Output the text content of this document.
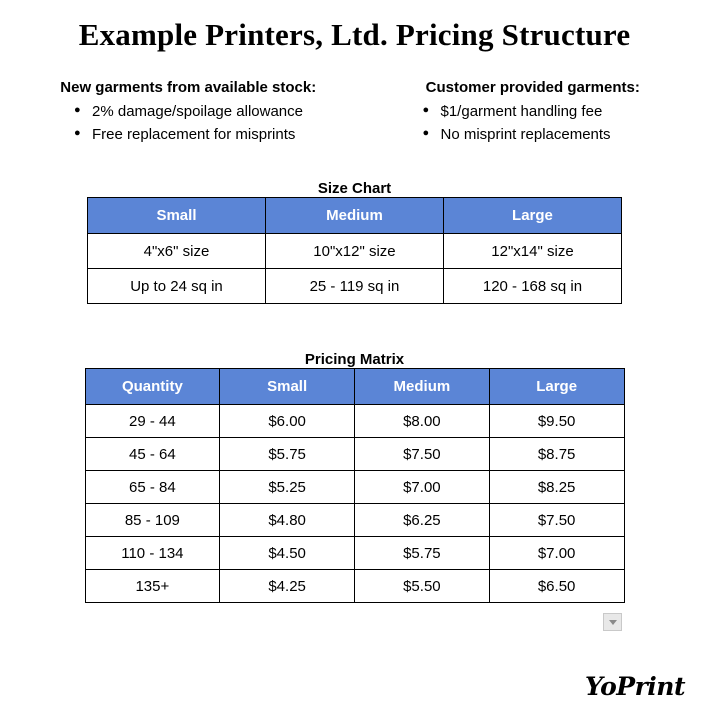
Example Printers, Ltd. Pricing Structure
New garments from available stock:
● 2% damage/spoilage allowance
● Free replacement for misprints
Customer provided garments:
● $1/garment handling fee
● No misprint replacements
Size Chart
Small	Medium	Large
4"x6" size	10"x12" size	12"x14" size
Up to 24 sq in	25 - 119 sq in	120 - 168 sq in
Pricing Matrix
Quantity	Small	Medium	Large
29 - 44	$6.00	$8.00	$9.50
45 - 64	$5.75	$7.50	$8.75
65 - 84	$5.25	$7.00	$8.25
85 - 109	$4.80	$6.25	$7.50
110 - 134	$4.50	$5.75	$7.00
135+	$4.25	$5.50	$6.50
YoPrint
